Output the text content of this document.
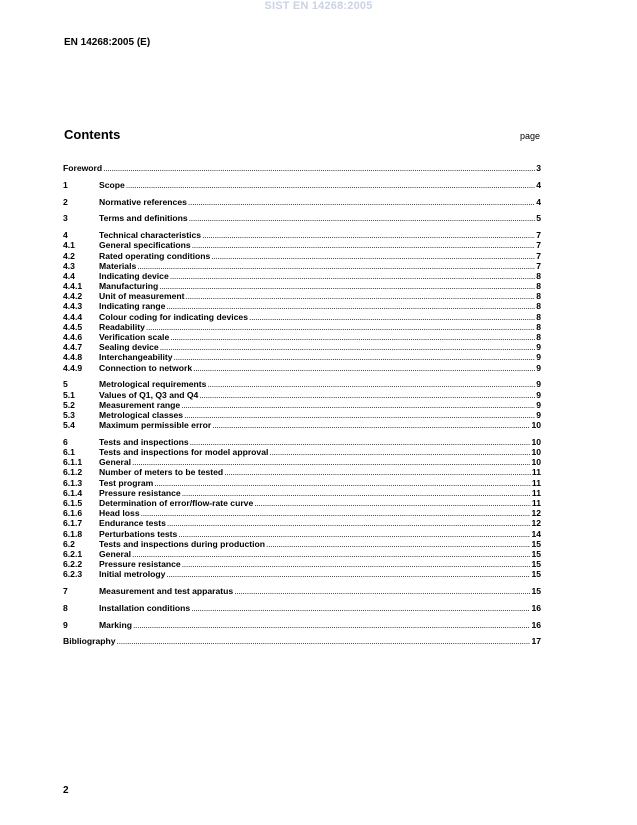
SIST EN 14268:2005
EN 14268:2005 (E)
Contents	page
Foreword .....	3
1	Scope .....	4
2	Normative references .....	4
3	Terms and definitions .....	5
4	Technical characteristics .....	7
4.1	General specifications .....	7
4.2	Rated operating conditions .....	7
4.3	Materials .....	7
4.4	Indicating device .....	8
4.4.1	Manufacturing .....	8
4.4.2	Unit of measurement .....	8
4.4.3	Indicating range .....	8
4.4.4	Colour coding for indicating devices .....	8
4.4.5	Readability .....	8
4.4.6	Verification scale .....	8
4.4.7	Sealing device .....	9
4.4.8	Interchangeability .....	9
4.4.9	Connection to network .....	9
5	Metrological requirements .....	9
5.1	Values of Q1, Q3 and Q4 .....	9
5.2	Measurement range .....	9
5.3	Metrological classes .....	9
5.4	Maximum permissible error .....	10
6	Tests and inspections .....	10
6.1	Tests and inspections for model approval .....	10
6.1.1	General .....	10
6.1.2	Number of meters to be tested .....	11
6.1.3	Test program .....	11
6.1.4	Pressure resistance .....	11
6.1.5	Determination of error/flow-rate curve .....	11
6.1.6	Head loss .....	12
6.1.7	Endurance tests .....	12
6.1.8	Perturbations tests .....	14
6.2	Tests and inspections during production .....	15
6.2.1	General .....	15
6.2.2	Pressure resistance .....	15
6.2.3	Initial metrology .....	15
7	Measurement and test apparatus .....	15
8	Installation conditions .....	16
9	Marking .....	16
Bibliography .....	17
2
